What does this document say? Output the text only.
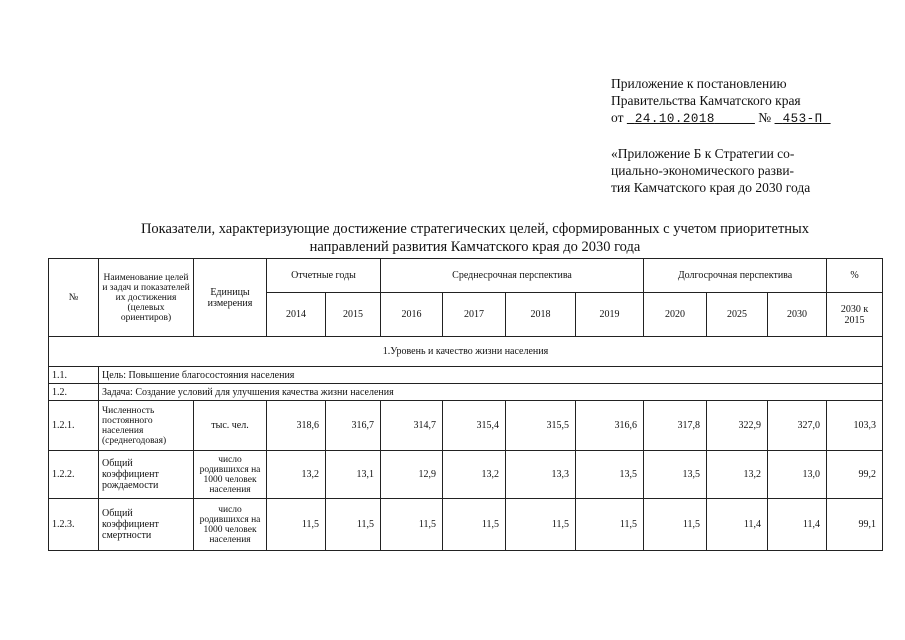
Приложение к постановлению
Правительства Камчатского края
от 24.10.2018	№ 453-П
«Приложение Б к Стратегии со-
циально-экономического разви-
тия Камчатского края до 2030 года
Показатели, характеризующие достижение стратегических целей, сформированных с учетом приоритетных
направлений развития Камчатского края до 2030 года
№	Наименование целей и задач и показателей их достижения (целевых ориентиров)	Единицы измерения	Отчетные годы		Среднесрочная перспектива				Долгосрочная перспектива			%
			2014	2015	2016	2017	2018	2019	2020	2025	2030	2030 к 2015
1.Уровень и качество жизни населения												
1.1.	Цель: Повышение благосостояния населения											
1.2.	Задача: Создание условий для улучшения качества жизни населения											
1.2.1.	Численность постоянного населения (среднегодовая)	тыс. чел.	318,6	316,7	314,7	315,4	315,5	316,6	317,8	322,9	327,0	103,3
1.2.2.	Общий коэффициент рождаемости	число родившихся на 1000 человек населения	13,2	13,1	12,9	13,2	13,3	13,5	13,5	13,2	13,0	99,2
1.2.3.	Общий коэффициент смертности	число родившихся на 1000 человек населения	11,5	11,5	11,5	11,5	11,5	11,5	11,5	11,4	11,4	99,1
